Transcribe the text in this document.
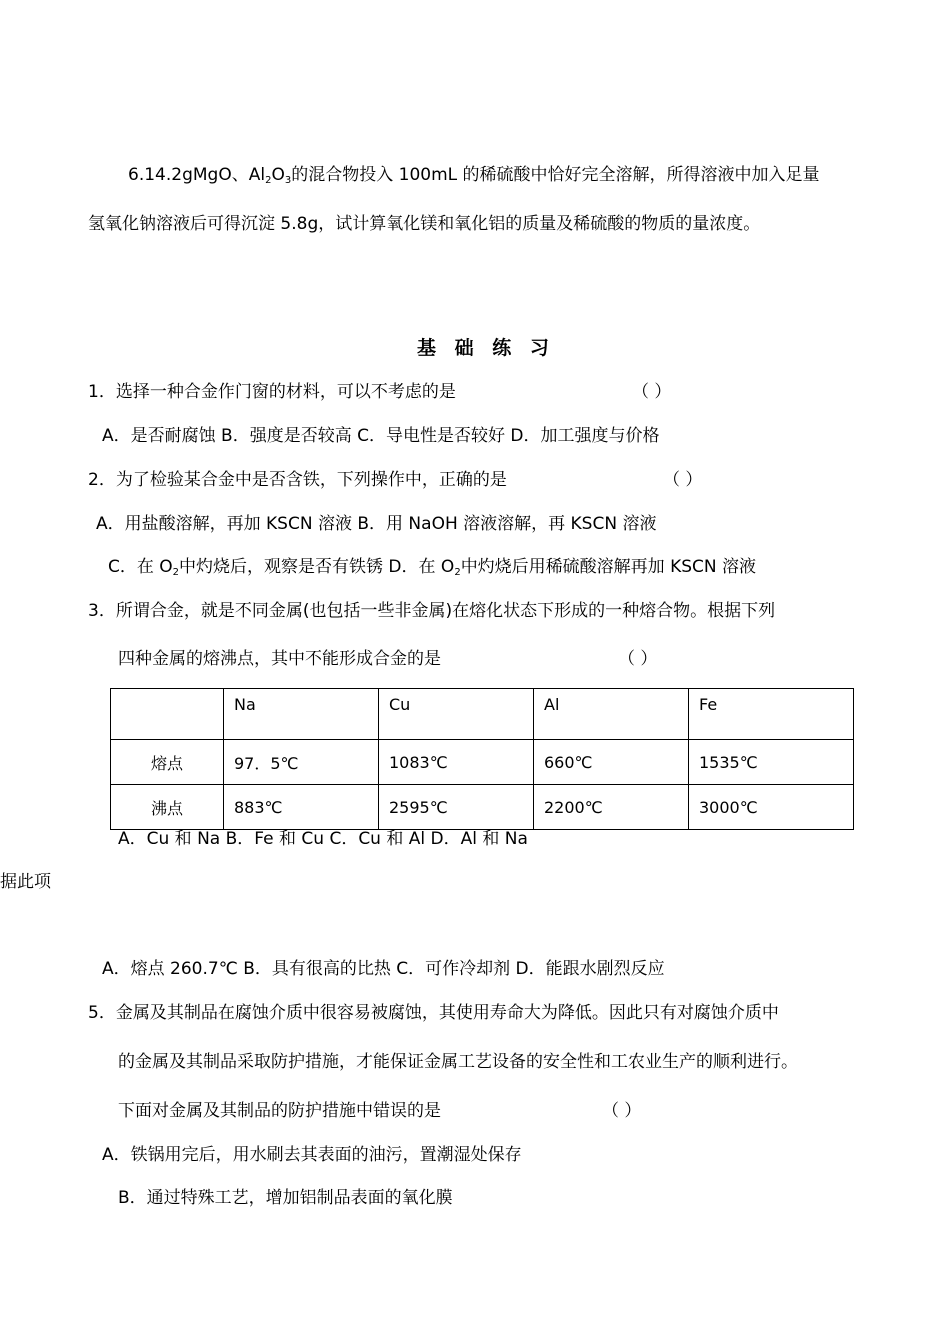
6.14.2gMgO、$Al_2O_3$的混合物投入 100mL 的稀硫酸中恰好完全溶解，所得溶液中加入足量
氢氧化钠溶液后可得沉淀 5.8g，试计算氧化镁和氧化铝的质量及稀硫酸的物质的量浓度。
基 础 练 习
1．选择一种合金作门窗的材料，可以不考虑的是	（ ）
A．是否耐腐蚀 B．强度是否较高 C．导电性是否较好 D．加工强度与价格
2．为了检验某合金中是否含铁，下列操作中，正确的是	（ ）
A．用盐酸溶解，再加 KSCN 溶液 B．用 NaOH 溶液溶解，再 KSCN 溶液
C．在 $O_2$中灼烧后，观察是否有铁锈 D．在 $O_2$中灼烧后用稀硫酸溶解再加 KSCN 溶液
3．所谓合金，就是不同金属(也包括一些非金属)在熔化状态下形成的一种熔合物。根据下列
四种金属的熔沸点，其中不能形成合金的是	（ ）
	Na	Cu	Al	Fe
熔点	97．5℃	1083℃	660℃	1535℃
沸点	883℃	2595℃	2200℃	3000℃
A．Cu 和 Na B．Fe 和 Cu C．Cu 和 Al D．Al 和 Na
据此项
A．熔点 260.7℃ B．具有很高的比热 C．可作冷却剂 D．能跟水剧烈反应
5．金属及其制品在腐蚀介质中很容易被腐蚀，其使用寿命大为降低。因此只有对腐蚀介质中
的金属及其制品采取防护措施，才能保证金属工艺设备的安全性和工农业生产的顺利进行。
下面对金属及其制品的防护措施中错误的是	（ ）
A．铁锅用完后，用水刷去其表面的油污，置潮湿处保存
B．通过特殊工艺，增加铝制品表面的氧化膜
